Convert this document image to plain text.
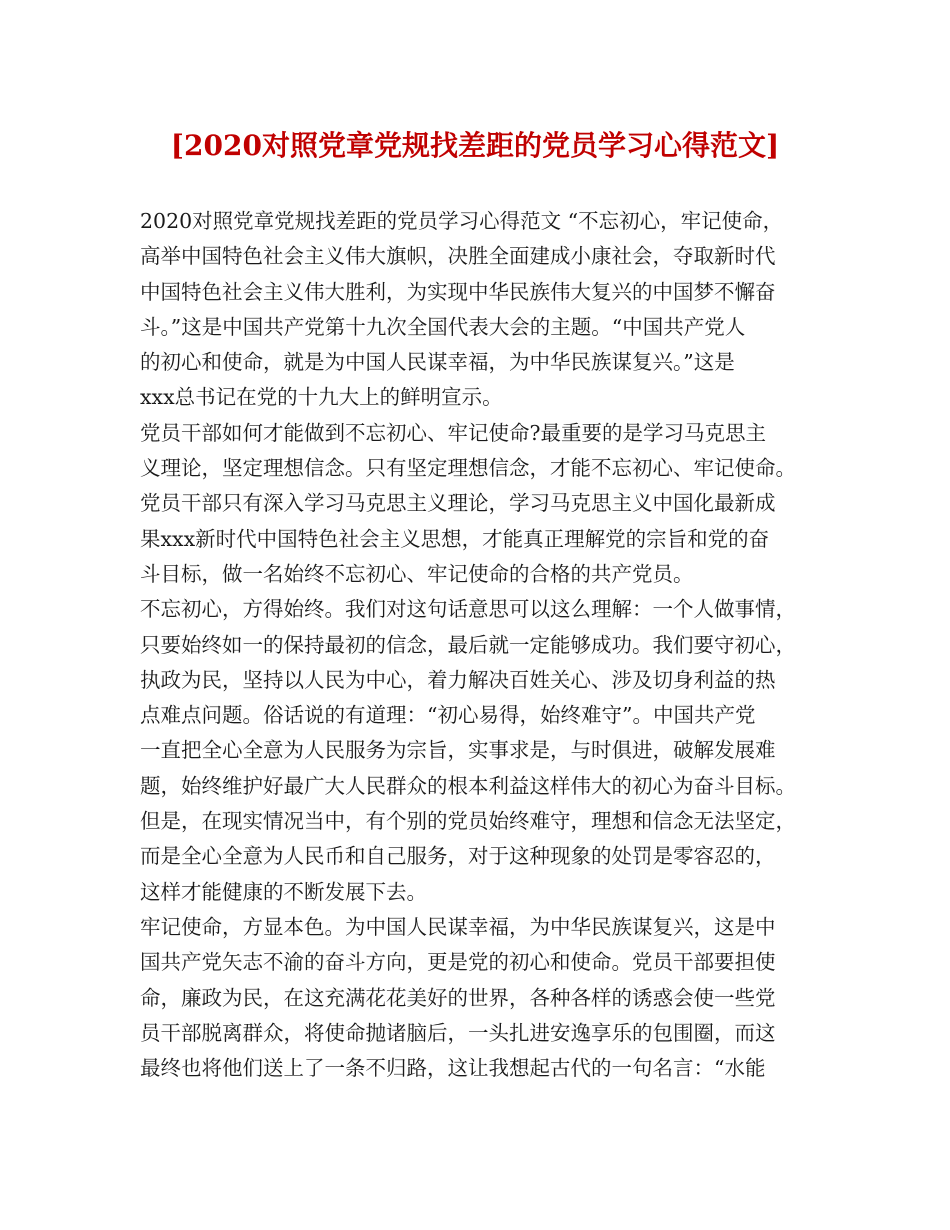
[2020对照党章党规找差距的党员学习心得范文]
2020对照党章党规找差距的党员学习心得范文 “不忘初心，牢记使命，
高举中国特色社会主义伟大旗帜，决胜全面建成小康社会，夺取新时代
中国特色社会主义伟大胜利，为实现中华民族伟大复兴的中国梦不懈奋
斗。”这是中国共产党第十九次全国代表大会的主题。“中国共产党人
的初心和使命，就是为中国人民谋幸福，为中华民族谋复兴。”这是
xxx总书记在党的十九大上的鲜明宣示。
党员干部如何才能做到不忘初心、牢记使命?最重要的是学习马克思主
义理论，坚定理想信念。只有坚定理想信念，才能不忘初心、牢记使命。
党员干部只有深入学习马克思主义理论，学习马克思主义中国化最新成
果xxx新时代中国特色社会主义思想，才能真正理解党的宗旨和党的奋
斗目标，做一名始终不忘初心、牢记使命的合格的共产党员。
不忘初心，方得始终。我们对这句话意思可以这么理解：一个人做事情，
只要始终如一的保持最初的信念，最后就一定能够成功。我们要守初心，
执政为民，坚持以人民为中心，着力解决百姓关心、涉及切身利益的热
点难点问题。俗话说的有道理：“初心易得，始终难守”。中国共产党
一直把全心全意为人民服务为宗旨，实事求是，与时俱进，破解发展难
题，始终维护好最广大人民群众的根本利益这样伟大的初心为奋斗目标。
但是，在现实情况当中，有个别的党员始终难守，理想和信念无法坚定，
而是全心全意为人民币和自己服务，对于这种现象的处罚是零容忍的，
这样才能健康的不断发展下去。
牢记使命，方显本色。为中国人民谋幸福，为中华民族谋复兴，这是中
国共产党矢志不渝的奋斗方向，更是党的初心和使命。党员干部要担使
命，廉政为民，在这充满花花美好的世界，各种各样的诱惑会使一些党
员干部脱离群众，将使命抛诸脑后，一头扎进安逸享乐的包围圈，而这
最终也将他们送上了一条不归路，这让我想起古代的一句名言：“水能
